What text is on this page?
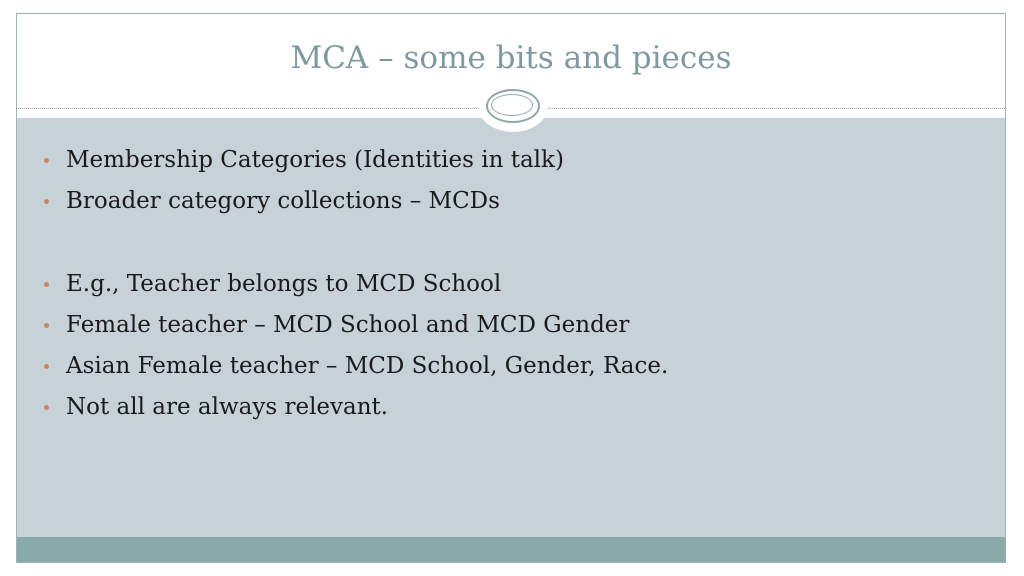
MCA – some bits and pieces
Membership Categories (Identities in talk)
Broader category collections – MCDs
E.g., Teacher belongs to MCD School
Female teacher – MCD School and MCD Gender
Asian Female teacher – MCD School, Gender, Race.
Not all are always relevant.
